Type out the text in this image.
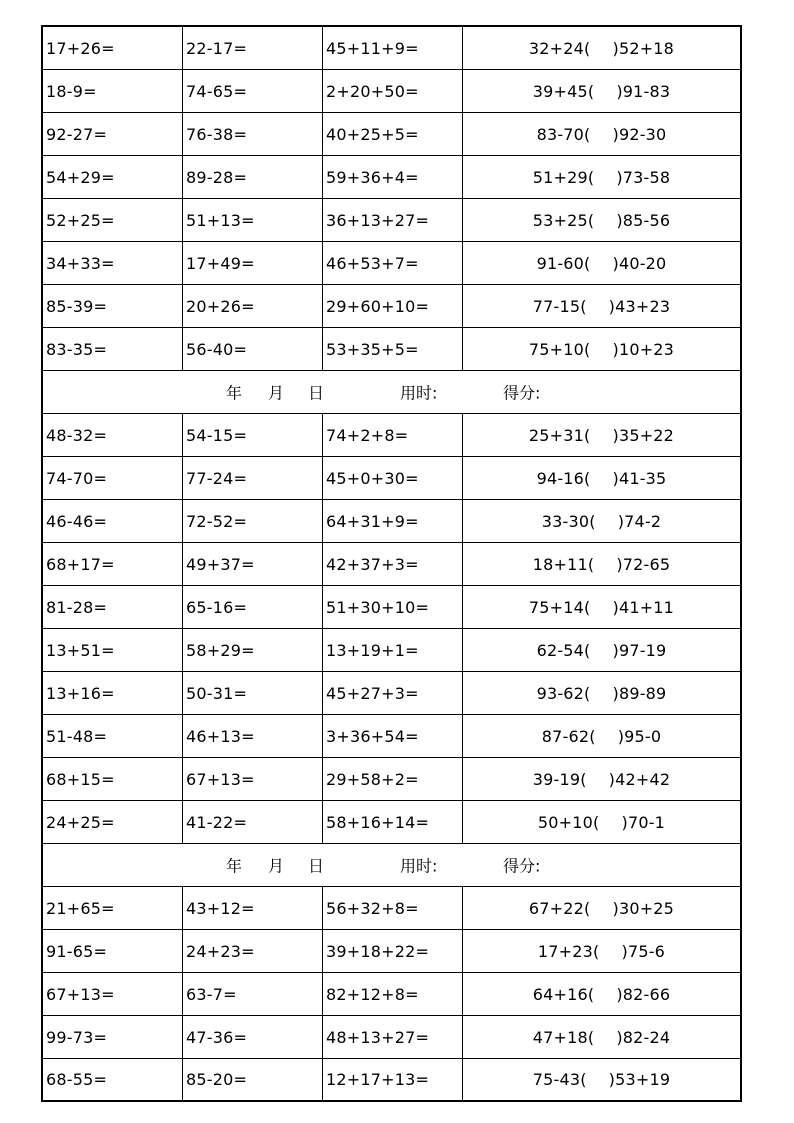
17+26=	22-17=	45+11+9=	32+24( )52+18
18-9=	74-65=	2+20+50=	39+45( )91-83
92-27=	76-38=	40+25+5=	83-70( )92-30
54+29=	89-28=	59+36+4=	51+29( )73-58
52+25=	51+13=	36+13+27=	53+25( )85-56
34+33=	17+49=	46+53+7=	91-60( )40-20
85-39=	20+26=	29+60+10=	77-15( )43+23
83-35=	56-40=	53+35+5=	75+10( )10+23
年 月 日	用时:	得分:
48-32=	54-15=	74+2+8=	25+31( )35+22
74-70=	77-24=	45+0+30=	94-16( )41-35
46-46=	72-52=	64+31+9=	33-30( )74-2
68+17=	49+37=	42+37+3=	18+11( )72-65
81-28=	65-16=	51+30+10=	75+14( )41+11
13+51=	58+29=	13+19+1=	62-54( )97-19
13+16=	50-31=	45+27+3=	93-62( )89-89
51-48=	46+13=	3+36+54=	87-62( )95-0
68+15=	67+13=	29+58+2=	39-19( )42+42
24+25=	41-22=	58+16+14=	50+10( )70-1
年 月 日	用时:	得分:
21+65=	43+12=	56+32+8=	67+22( )30+25
91-65=	24+23=	39+18+22=	17+23( )75-6
67+13=	63-7=	82+12+8=	64+16( )82-66
99-73=	47-36=	48+13+27=	47+18( )82-24
68-55=	85-20=	12+17+13=	75-43( )53+19
